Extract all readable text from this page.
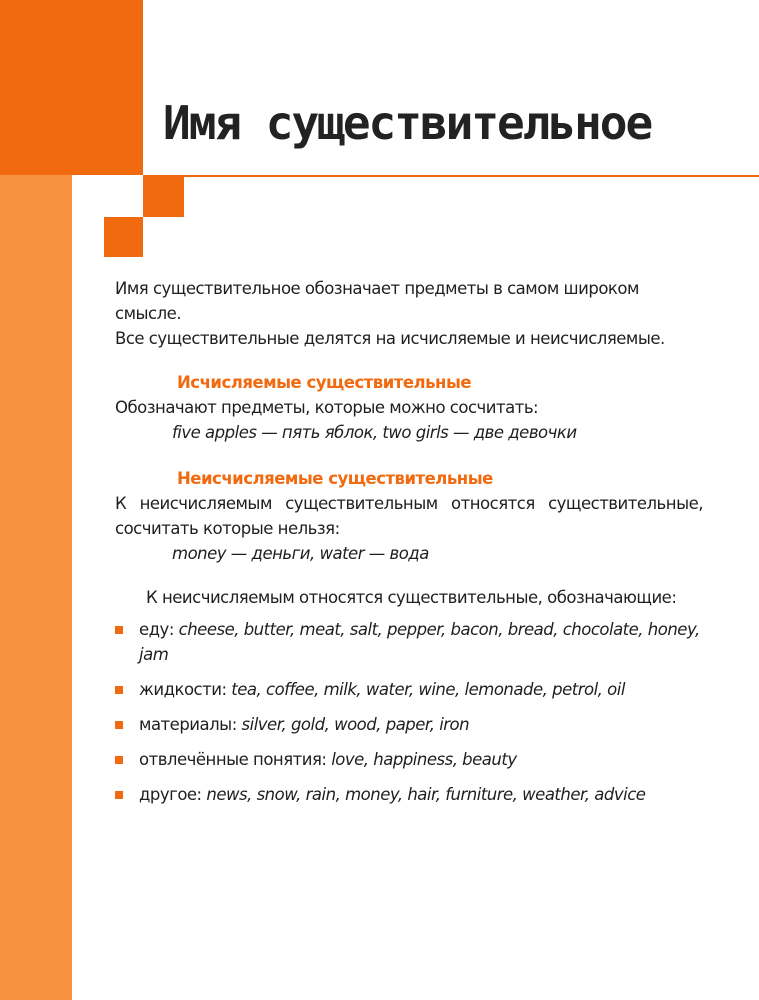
Имя существительное

Имя существительное обозначает предметы в самом широком смысле.

Все существительные делятся на исчисляемые и неисчисляемые.

Исчисляемые существительные

Обозначают предметы, которые можно сосчитать:

five apples — пять яблок, two girls — две девочки

Неисчисляемые существительные

К неисчисляемым существительным относятся существительные,

сосчитать которые нельзя:

money — деньги, water — вода

К неисчисляемым относятся существительные, обозначающие:

еду: cheese, butter, meat, salt, pepper, bacon, bread, chocolate, honey, jam
жидкости: tea, coffee, milk, water, wine, lemonade, petrol, oil
материалы: silver, gold, wood, paper, iron
отвлечённые понятия: love, happiness, beauty
другое: news, snow, rain, money, hair, furniture, weather, advice
